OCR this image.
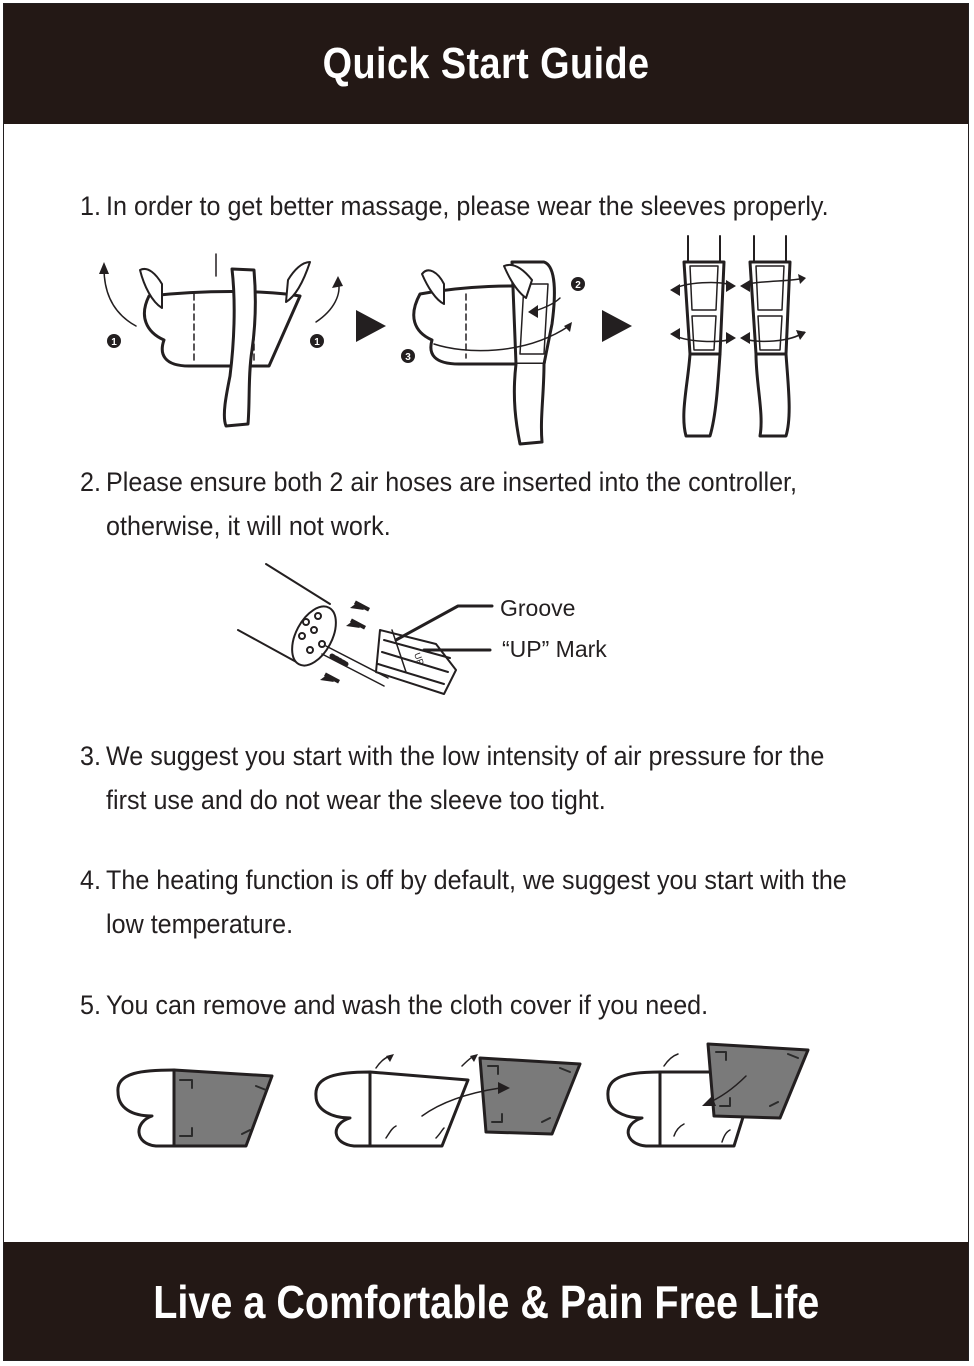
Quick Start Guide
1. In order to get better massage, please wear the sleeves properly.
1	1
2
3
2. Please ensure both 2 air hoses are inserted into the controller,
otherwise, it will not work.
UP
Groove
“UP” Mark
3. We suggest you start with the low intensity of air pressure for the
first use and do not wear the sleeve too tight.
4. The heating function is off by default, we suggest you start with the
low temperature.
5. You can remove and wash the cloth cover if you need.
Live a Comfortable & Pain Free Life
